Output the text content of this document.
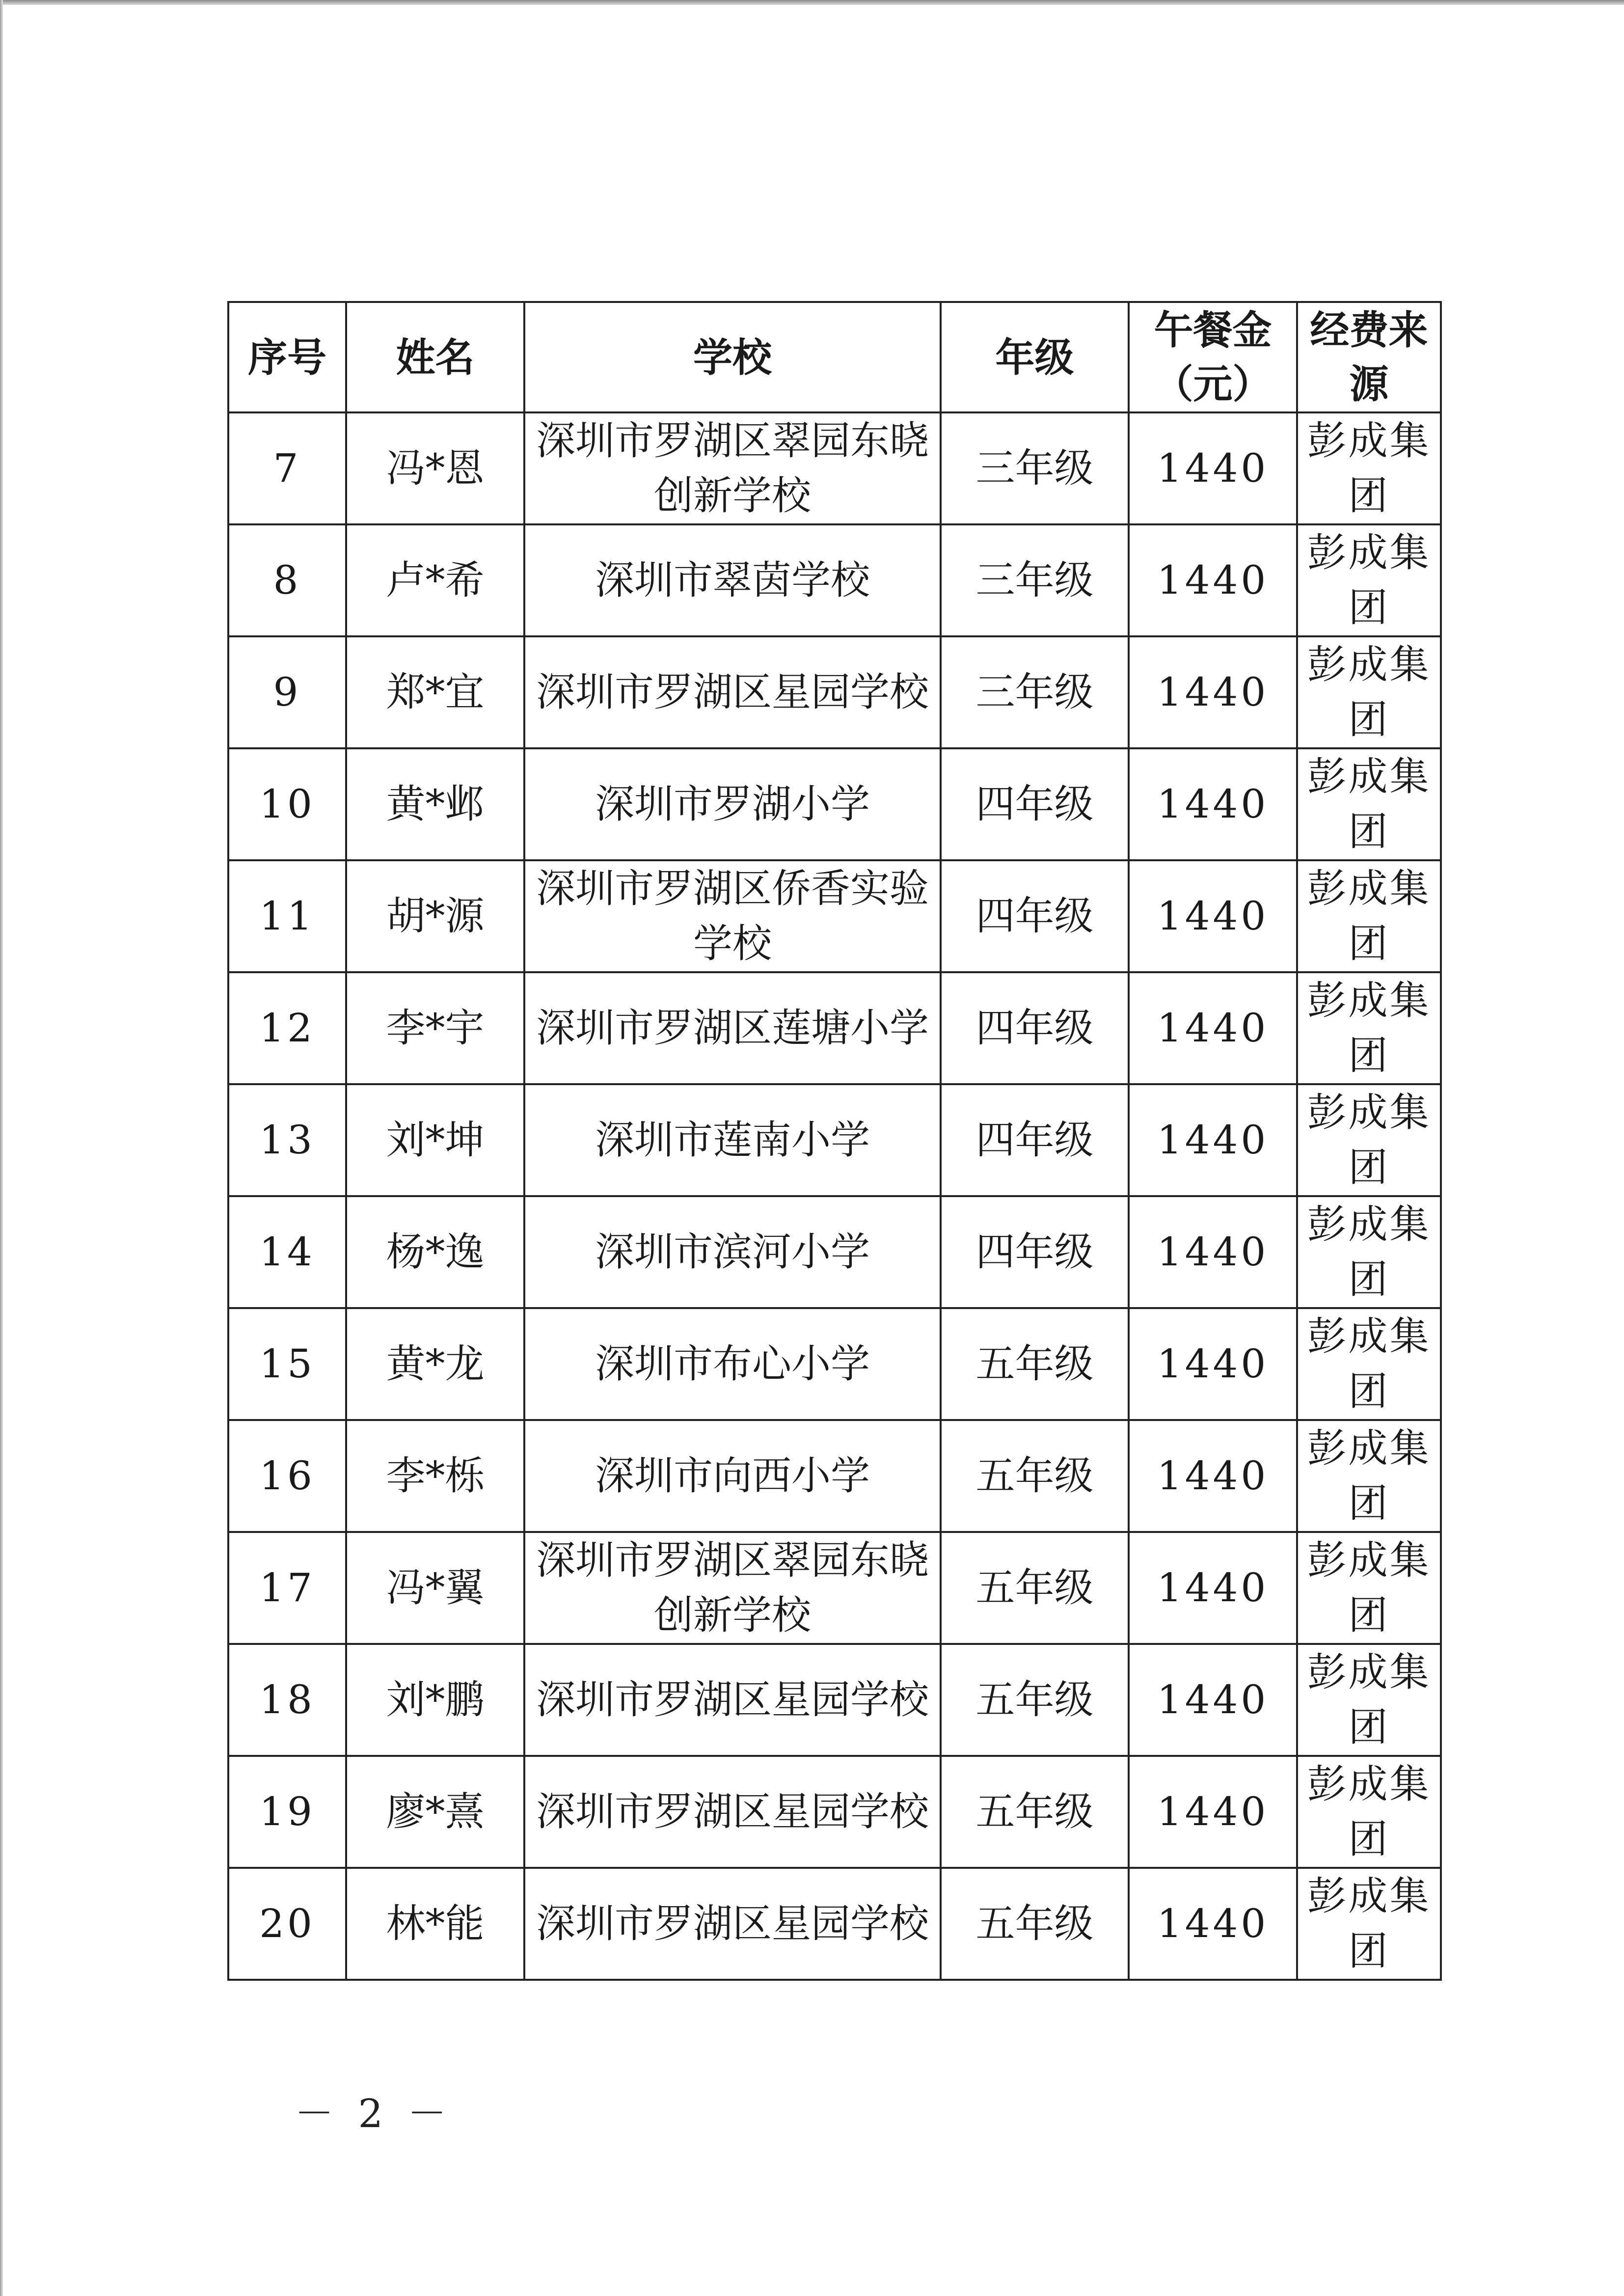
序号	姓名	学校	年级	午餐金（元）	经费来源
7	冯*恩	深圳市罗湖区翠园东晓创新学校	三年级	1440	彭成集团
8	卢*希	深圳市翠茵学校	三年级	1440	彭成集团
9	郑*宜	深圳市罗湖区星园学校	三年级	1440	彭成集团
10	黄*邺	深圳市罗湖小学	四年级	1440	彭成集团
11	胡*源	深圳市罗湖区侨香实验学校	四年级	1440	彭成集团
12	李*宇	深圳市罗湖区莲塘小学	四年级	1440	彭成集团
13	刘*坤	深圳市莲南小学	四年级	1440	彭成集团
14	杨*逸	深圳市滨河小学	四年级	1440	彭成集团
15	黄*龙	深圳市布心小学	五年级	1440	彭成集团
16	李*栎	深圳市向西小学	五年级	1440	彭成集团
17	冯*翼	深圳市罗湖区翠园东晓创新学校	五年级	1440	彭成集团
18	刘*鹏	深圳市罗湖区星园学校	五年级	1440	彭成集团
19	廖*熹	深圳市罗湖区星园学校	五年级	1440	彭成集团
20	林*能	深圳市罗湖区星园学校	五年级	1440	彭成集团
－ 2 －
